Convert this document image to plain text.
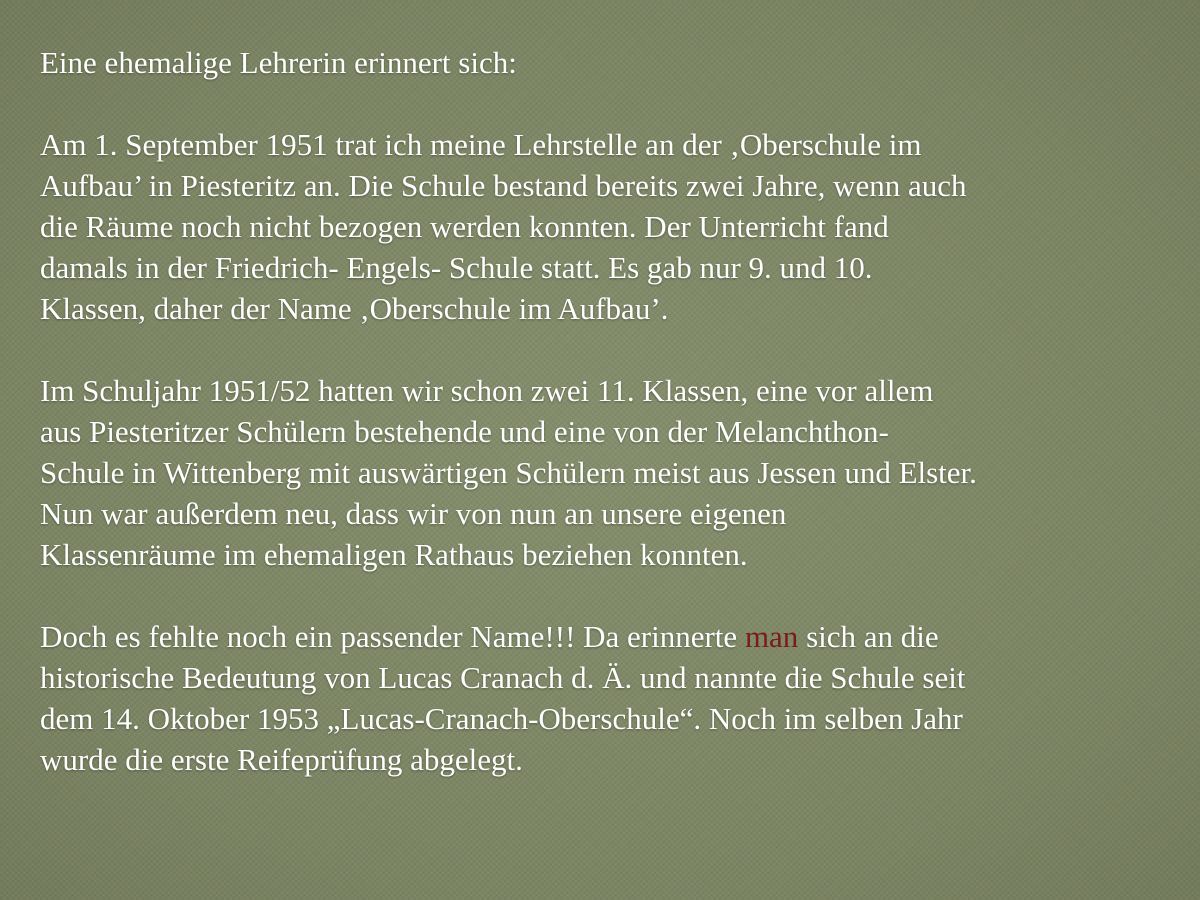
Eine ehemalige Lehrerin erinnert sich:
Am 1. September 1951 trat ich meine Lehrstelle an der ‚Oberschule im
Aufbau’ in Piesteritz an. Die Schule bestand bereits zwei Jahre, wenn auch
die Räume noch nicht bezogen werden konnten. Der Unterricht fand
damals in der Friedrich- Engels- Schule statt. Es gab nur 9. und 10.
Klassen, daher der Name ‚Oberschule im Aufbau’.
Im Schuljahr 1951/52 hatten wir schon zwei 11. Klassen, eine vor allem
aus Piesteritzer Schülern bestehende und eine von der Melanchthon-
Schule in Wittenberg mit auswärtigen Schülern meist aus Jessen und Elster.
Nun war außerdem neu, dass wir von nun an unsere eigenen
Klassenräume im ehemaligen Rathaus beziehen konnten.
Doch es fehlte noch ein passender Name!!! Da erinnerte man sich an die
historische Bedeutung von Lucas Cranach d. Ä. und nannte die Schule seit
dem 14. Oktober 1953 „Lucas-Cranach-Oberschule“. Noch im selben Jahr
wurde die erste Reifeprüfung abgelegt.
